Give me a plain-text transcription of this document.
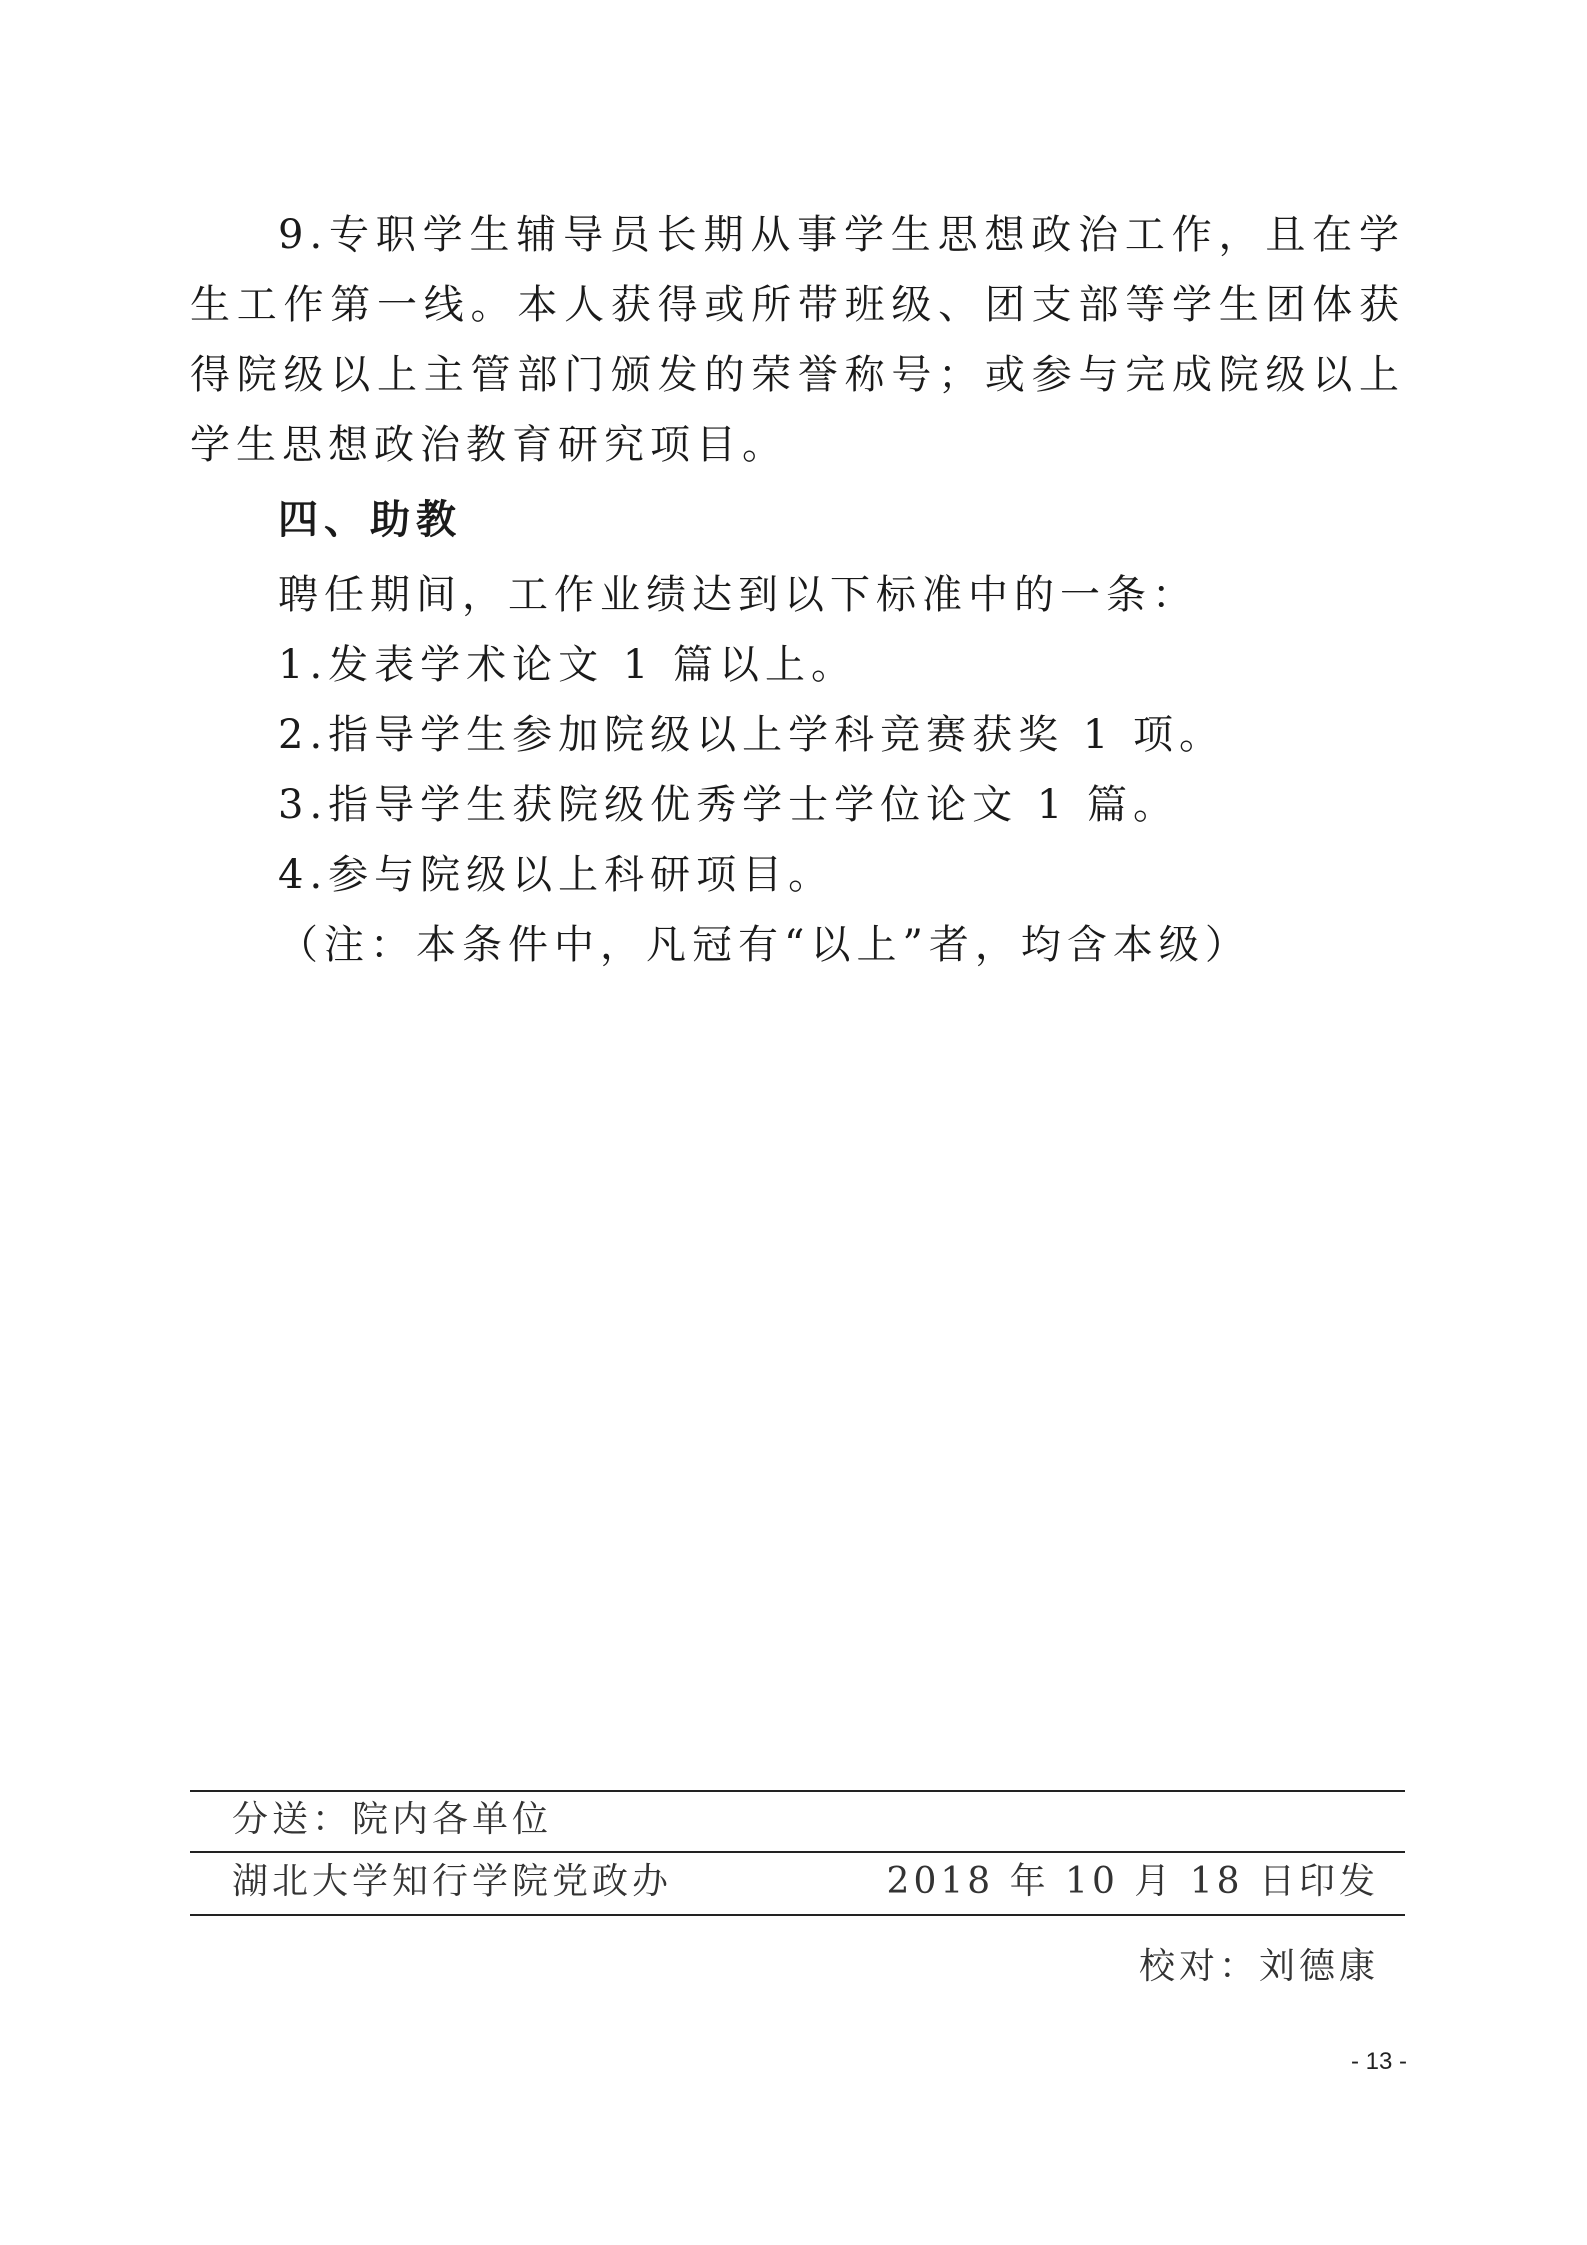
9.专职学生辅导员长期从事学生思想政治工作，且在学生工作第一线。本人获得或所带班级、团支部等学生团体获得院级以上主管部门颁发的荣誉称号；或参与完成院级以上学生思想政治教育研究项目。

四、助教

聘任期间，工作业绩达到以下标准中的一条：

1.发表学术论文 1 篇以上。

2.指导学生参加院级以上学科竞赛获奖 1 项。

3.指导学生获院级优秀学士学位论文 1 篇。

4.参与院级以上科研项目。

（注：本条件中，凡冠有“以上”者，均含本级）

分送：院内各单位
湖北大学知行学院党政办	2018 年 10 月 18 日印发
校对：刘德康
- 13 -
